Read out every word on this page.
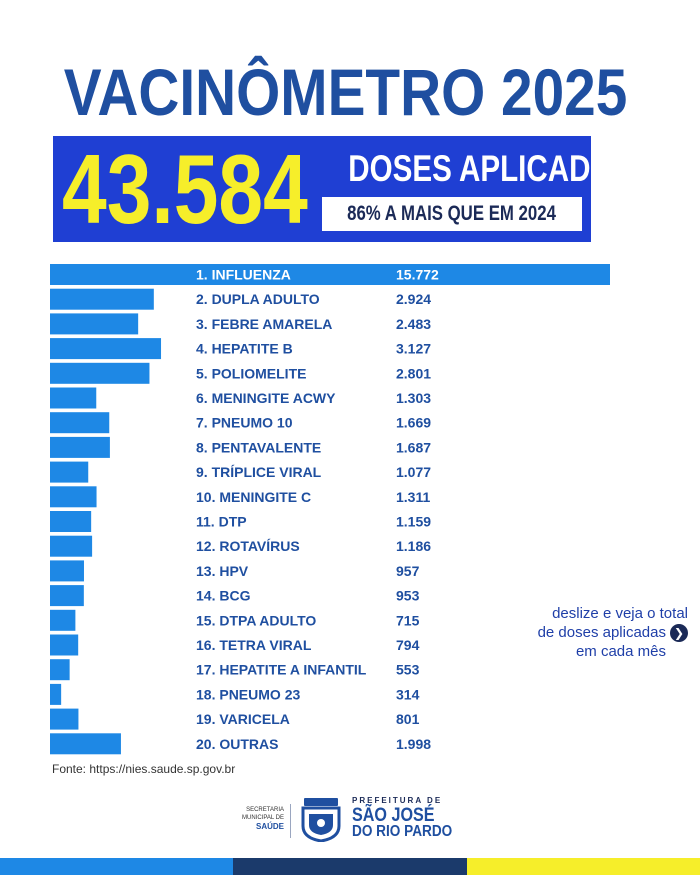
VACINÔMETRO 2025
43.584 DOSES APLICADAS
86% A MAIS QUE EM 2024
1. INFLUENZA	15.772
2. DUPLA ADULTO	2.924
3. FEBRE AMARELA	2.483
4. HEPATITE B	3.127
5. POLIOMELITE	2.801
6. MENINGITE ACWY	1.303
7. PNEUMO 10	1.669
8. PENTAVALENTE	1.687
9. TRÍPLICE VIRAL	1.077
10. MENINGITE C	1.311
11. DTP	1.159
12. ROTAVÍRUS	1.186
13. HPV	957
14. BCG	953
15. DTPA ADULTO	715
16. TETRA VIRAL	794
17. HEPATITE A INFANTIL 553
18. PNEUMO 23	314
19. VARICELA	801
20. OUTRAS	1.998
Fonte: https://nies.saude.sp.gov.br
deslize e veja o total
de doses aplicadas ❯
em cada mês
SECRETARIA
MUNICIPAL DE
SAÚDE
PREFEITURA DE
SÃO JOSÉ
DO RIO PARDO
